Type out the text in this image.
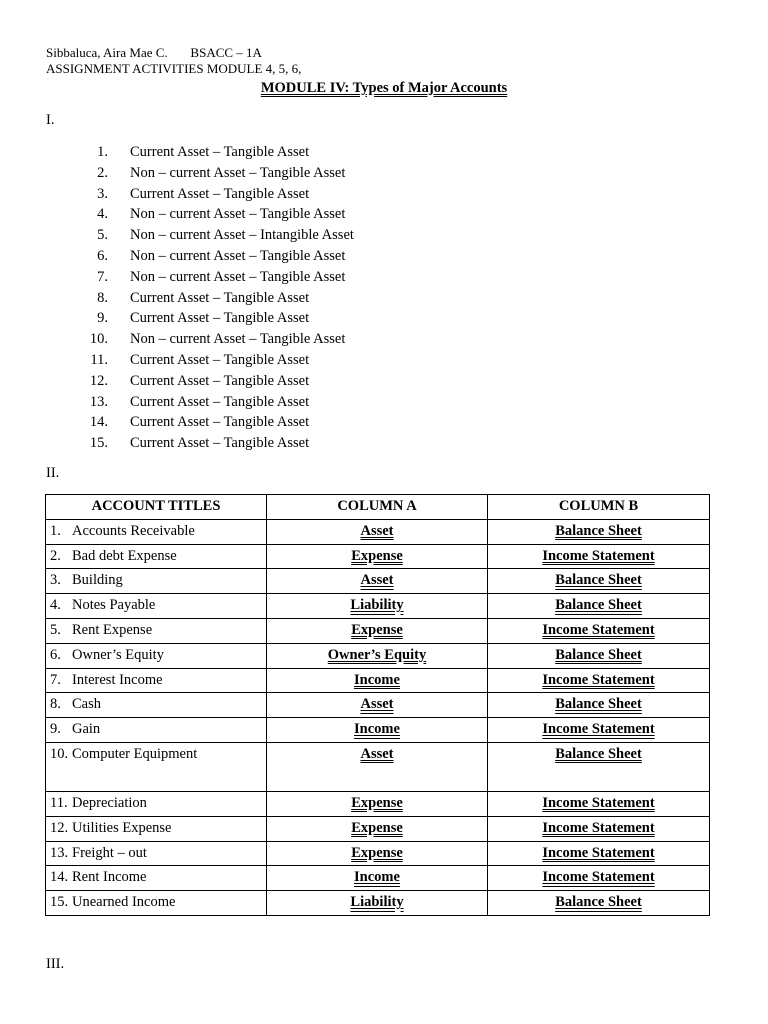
Sibbaluca, Aira Mae C.       BSACC – 1A
ASSIGNMENT ACTIVITIES MODULE 4, 5, 6,
MODULE IV: Types of Major Accounts
I.
1. Current Asset – Tangible Asset
2. Non – current Asset – Tangible Asset
3. Current Asset – Tangible Asset
4. Non – current Asset – Tangible Asset
5. Non – current Asset – Intangible Asset
6. Non – current Asset – Tangible Asset
7. Non – current Asset – Tangible Asset
8. Current Asset – Tangible Asset
9. Current Asset – Tangible Asset
10. Non – current Asset – Tangible Asset
11. Current Asset – Tangible Asset
12. Current Asset – Tangible Asset
13. Current Asset – Tangible Asset
14. Current Asset – Tangible Asset
15. Current Asset – Tangible Asset
II.
ACCOUNT TITLES	COLUMN A	COLUMN B
1. Accounts Receivable	Asset	Balance Sheet
2. Bad debt Expense	Expense	Income Statement
3. Building	Asset	Balance Sheet
4. Notes Payable	Liability	Balance Sheet
5. Rent Expense	Expense	Income Statement
6. Owner’s Equity	Owner’s Equity	Balance Sheet
7. Interest Income	Income	Income Statement
8. Cash	Asset	Balance Sheet
9. Gain	Income	Income Statement
10. Computer Equipment	Asset	Balance Sheet
11. Depreciation	Expense	Income Statement
12. Utilities Expense	Expense	Income Statement
13. Freight – out	Expense	Income Statement
14. Rent Income	Income	Income Statement
15. Unearned Income	Liability	Balance Sheet
III.
